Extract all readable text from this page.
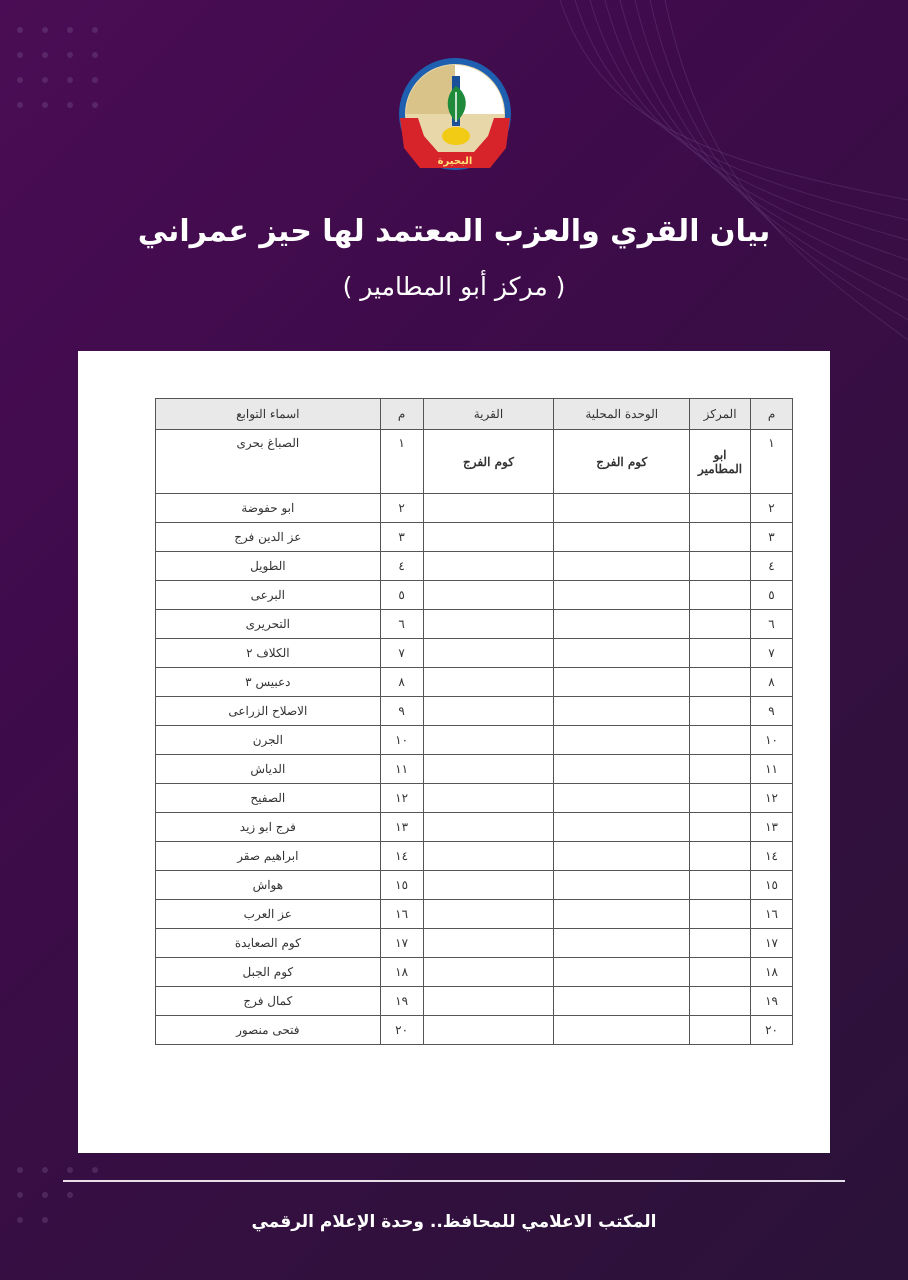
البحيرة
بيان القري والعزب المعتمد لها حيز عمراني
( مركز أبو المطامير )
م	المركز	الوحدة المحلية	القرية	م	اسماء التوابع
١	ابو المطامير	كوم الفرج	كوم الفرج	١	الصباغ بحرى
٢				٢	ابو حفوضة
٣				٣	عز الدين فرج
٤				٤	الطويل
٥				٥	البرعى
٦				٦	التحريرى
٧				٧	الكلاف ٢
٨				٨	دعبيس ٣
٩				٩	الاصلاح الزراعى
١٠				١٠	الجرن
١١				١١	الدياش
١٢				١٢	الصفيح
١٣				١٣	فرج ابو زيد
١٤				١٤	ابراهيم صقر
١٥				١٥	هواش
١٦				١٦	عز العرب
١٧				١٧	كوم الصعايدة
١٨				١٨	كوم الجبل
١٩				١٩	كمال فرج
٢٠				٢٠	فتحى منصور
المكتب الاعلامي للمحافظ.. وحدة الإعلام الرقمي
